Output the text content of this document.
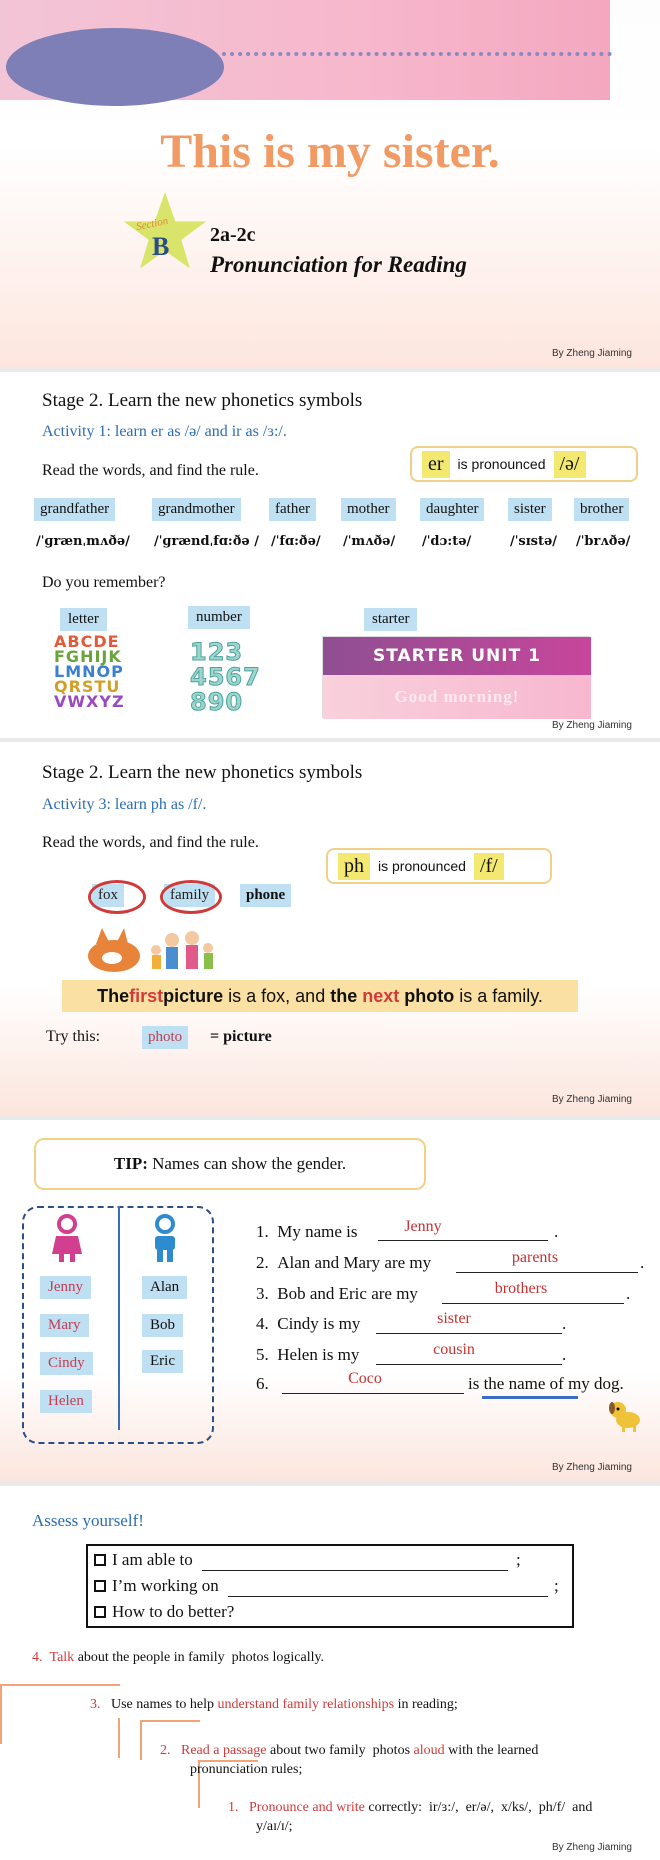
This is my sister.
Section
B 2a-2c
Pronunciation for Reading
By Zheng Jiaming
Stage 2. Learn the new phonetics symbols
Activity 1: learn er as /ə/ and ir as /ɜ:/.
Read the words, and find the rule.	er	is pronounced /ə/
grandfather
/ˈɡrænˌmʌðə/
grandmother
/ˈɡrændˌfɑ:ðə /
father
/ˈfɑ:ðə/
mother
/ˈmʌðə/
daughter
/ˈdɔ:tə/
sister
/ˈsɪstə/
brother
/ˈbrʌðə/
Do you remember?
letter	number	starter
ABCDE
FGHIJK
LMNOP
QRSTU
VWXYZ
123
4567
890
STARTER UNIT 1
Good morning!
By Zheng Jiaming
Stage 2. Learn the new phonetics symbols
Activity 3: learn ph as /f/.
Read the words, and find the rule.
ph	is pronounced /f/
fox	family	phone
The first picture is a fox, and the next photo is a family.
Try this:	photo	= picture
By Zheng Jiaming
TIP: Names can show the gender.
Jenny
Mary
Cindy
Helen
Alan
Bob
Eric
1. My name is	Jenny	.
2. Alan and Mary are my	parents	.
3. Bob and Eric are my	brothers	.
4. Cindy is my	sister	.
5. Helen is my	cousin	.
6.	Coco	is the name of my dog.
By Zheng Jiaming
Assess yourself!
I am able to	;
I’m working on	;
How to do better?
4. Talk about the people in family  photos logically.
3. Use names to help understand family relationships in reading;
2. Read a passage about two family  photos aloud with the learned
pronunciation rules;
1. Pronounce and write correctly:  ir/ɜ:/,  er/ə/,  x/ks/,  ph/f/  and
y/aɪ/ɪ/;
By Zheng Jiaming
